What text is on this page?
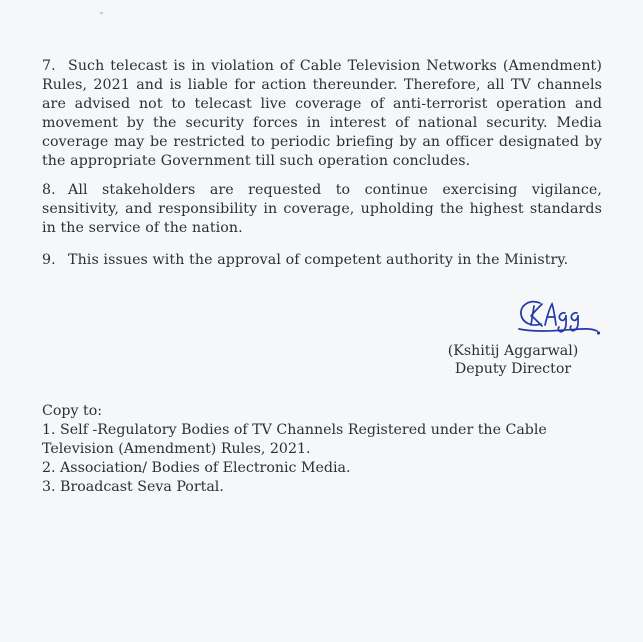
7. Such telecast is in violation of Cable Television Networks (Amendment) Rules, 2021 and is liable for action thereunder. Therefore, all TV channels are advised not to telecast live coverage of anti-terrorist operation and movement by the security forces in interest of national security. Media coverage may be restricted to periodic briefing by an officer designated by the appropriate Government till such operation concludes.
8. All stakeholders are requested to continue exercising vigilance, sensitivity, and responsibility in coverage, upholding the highest standards in the service of the nation.
9. This issues with the approval of competent authority in the Ministry.
(Kshitij Aggarwal)
Deputy Director
Copy to:
1. Self -Regulatory Bodies of TV Channels Registered under the Cable Television (Amendment) Rules, 2021.
2. Association/ Bodies of Electronic Media.
3. Broadcast Seva Portal.
